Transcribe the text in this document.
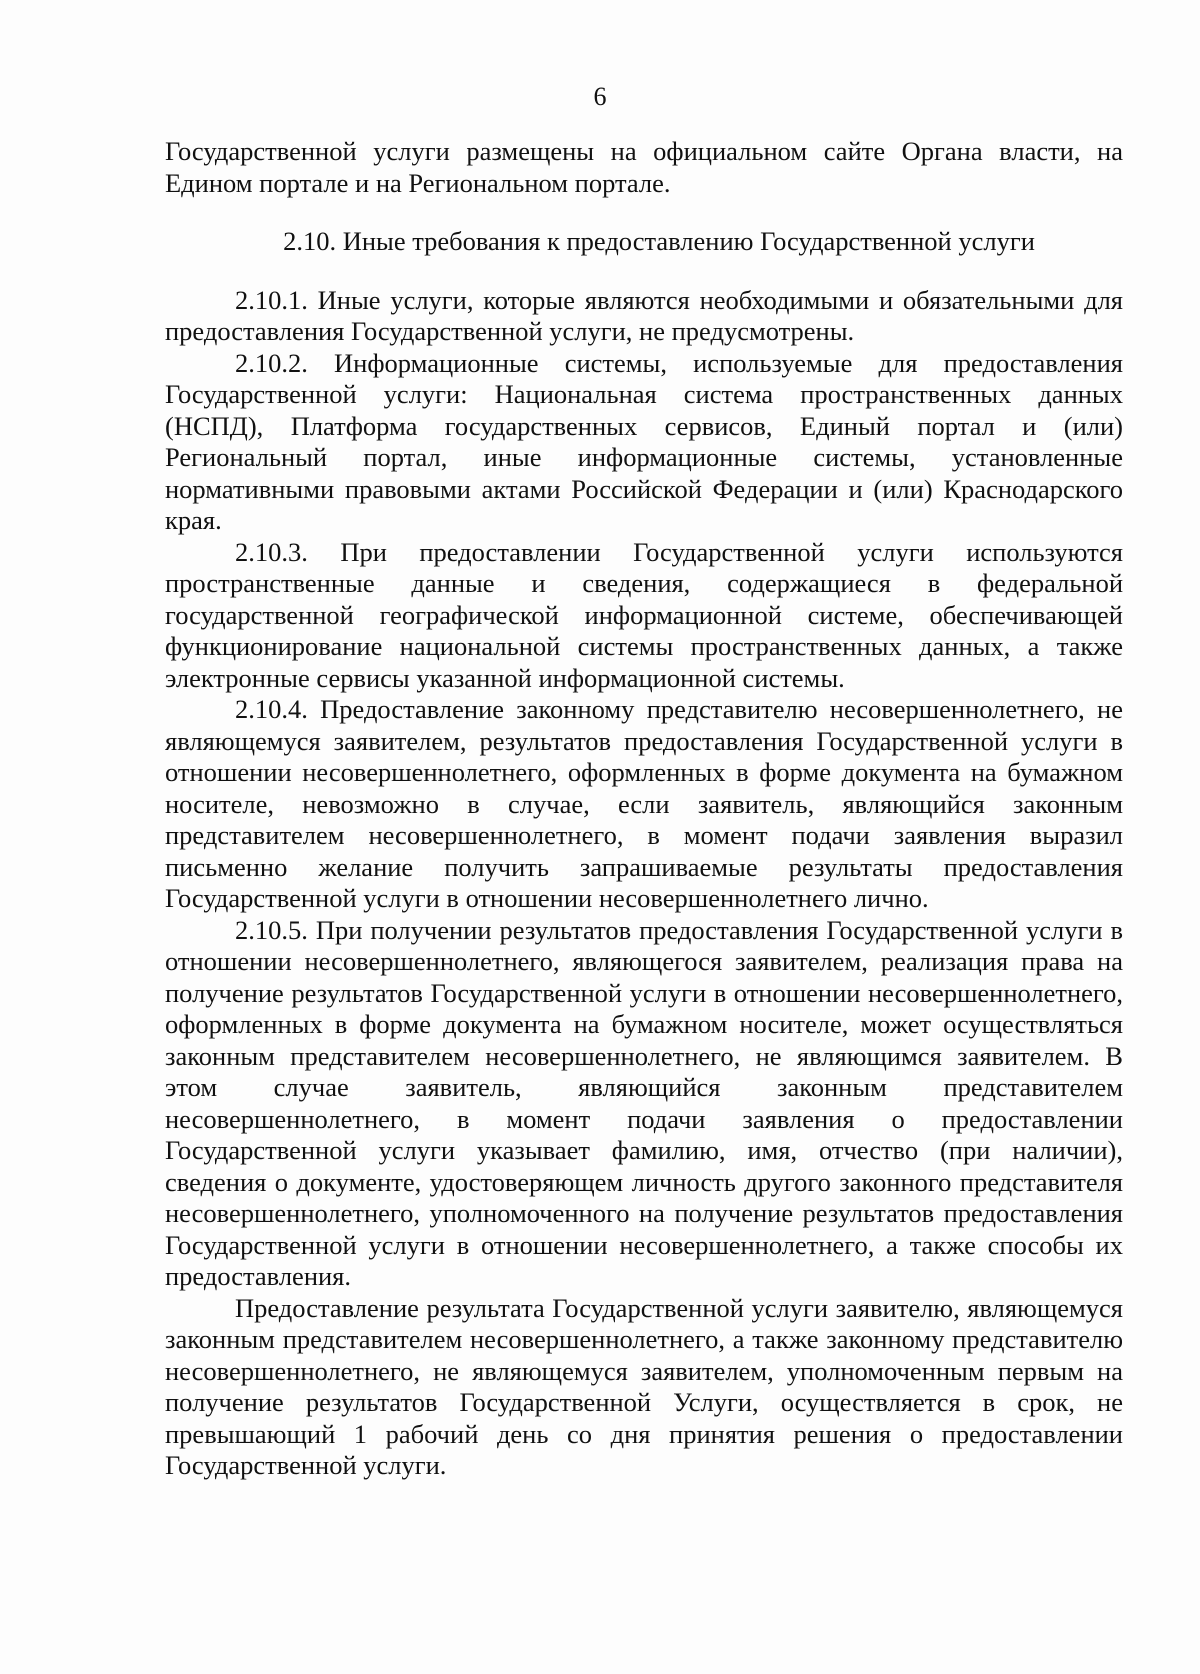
6

Государственной услуги размещены на официальном сайте Органа власти, на Едином портале и на Региональном портале.

2.10. Иные требования к предоставлению Государственной услуги

2.10.1. Иные услуги, которые являются необходимыми и обязательными для предоставления Государственной услуги, не предусмотрены.

2.10.2. Информационные системы, используемые для предоставления Государственной услуги: Национальная система пространственных данных (НСПД), Платформа государственных сервисов, Единый портал и (или) Региональный портал, иные информационные системы, установленные нормативными правовыми актами Российской Федерации и (или) Краснодарского края.

2.10.3. При предоставлении Государственной услуги используются пространственные данные и сведения, содержащиеся в федеральной государственной географической информационной системе, обеспечивающей функционирование национальной системы пространственных данных, а также электронные сервисы указанной информационной системы.

2.10.4. Предоставление законному представителю несовершеннолетнего, не являющемуся заявителем, результатов предоставления Государственной услуги в отношении несовершеннолетнего, оформленных в форме документа на бумажном носителе, невозможно в случае, если заявитель, являющийся законным представителем несовершеннолетнего, в момент подачи заявления выразил письменно желание получить запрашиваемые результаты предоставления Государственной услуги в отношении несовершеннолетнего лично.

2.10.5. При получении результатов предоставления Государственной услуги в отношении несовершеннолетнего, являющегося заявителем, реализация права на получение результатов Государственной услуги в отношении несовершеннолетнего, оформленных в форме документа на бумажном носителе, может осуществляться законным представителем несовершеннолетнего, не являющимся заявителем. В этом случае заявитель, являющийся законным представителем несовершеннолетнего, в момент подачи заявления о предоставлении Государственной услуги указывает фамилию, имя, отчество (при наличии), сведения о документе, удостоверяющем личность другого законного представителя несовершеннолетнего, уполномоченного на получение результатов предоставления Государственной услуги в отношении несовершеннолетнего, а также способы их предоставления.

Предоставление результата Государственной услуги заявителю, являющемуся законным представителем несовершеннолетнего, а также законному представителю несовершеннолетнего, не являющемуся заявителем, уполномоченным первым на получение результатов Государственной Услуги, осуществляется в срок, не превышающий 1 рабочий день со дня принятия решения о предоставлении Государственной услуги.
